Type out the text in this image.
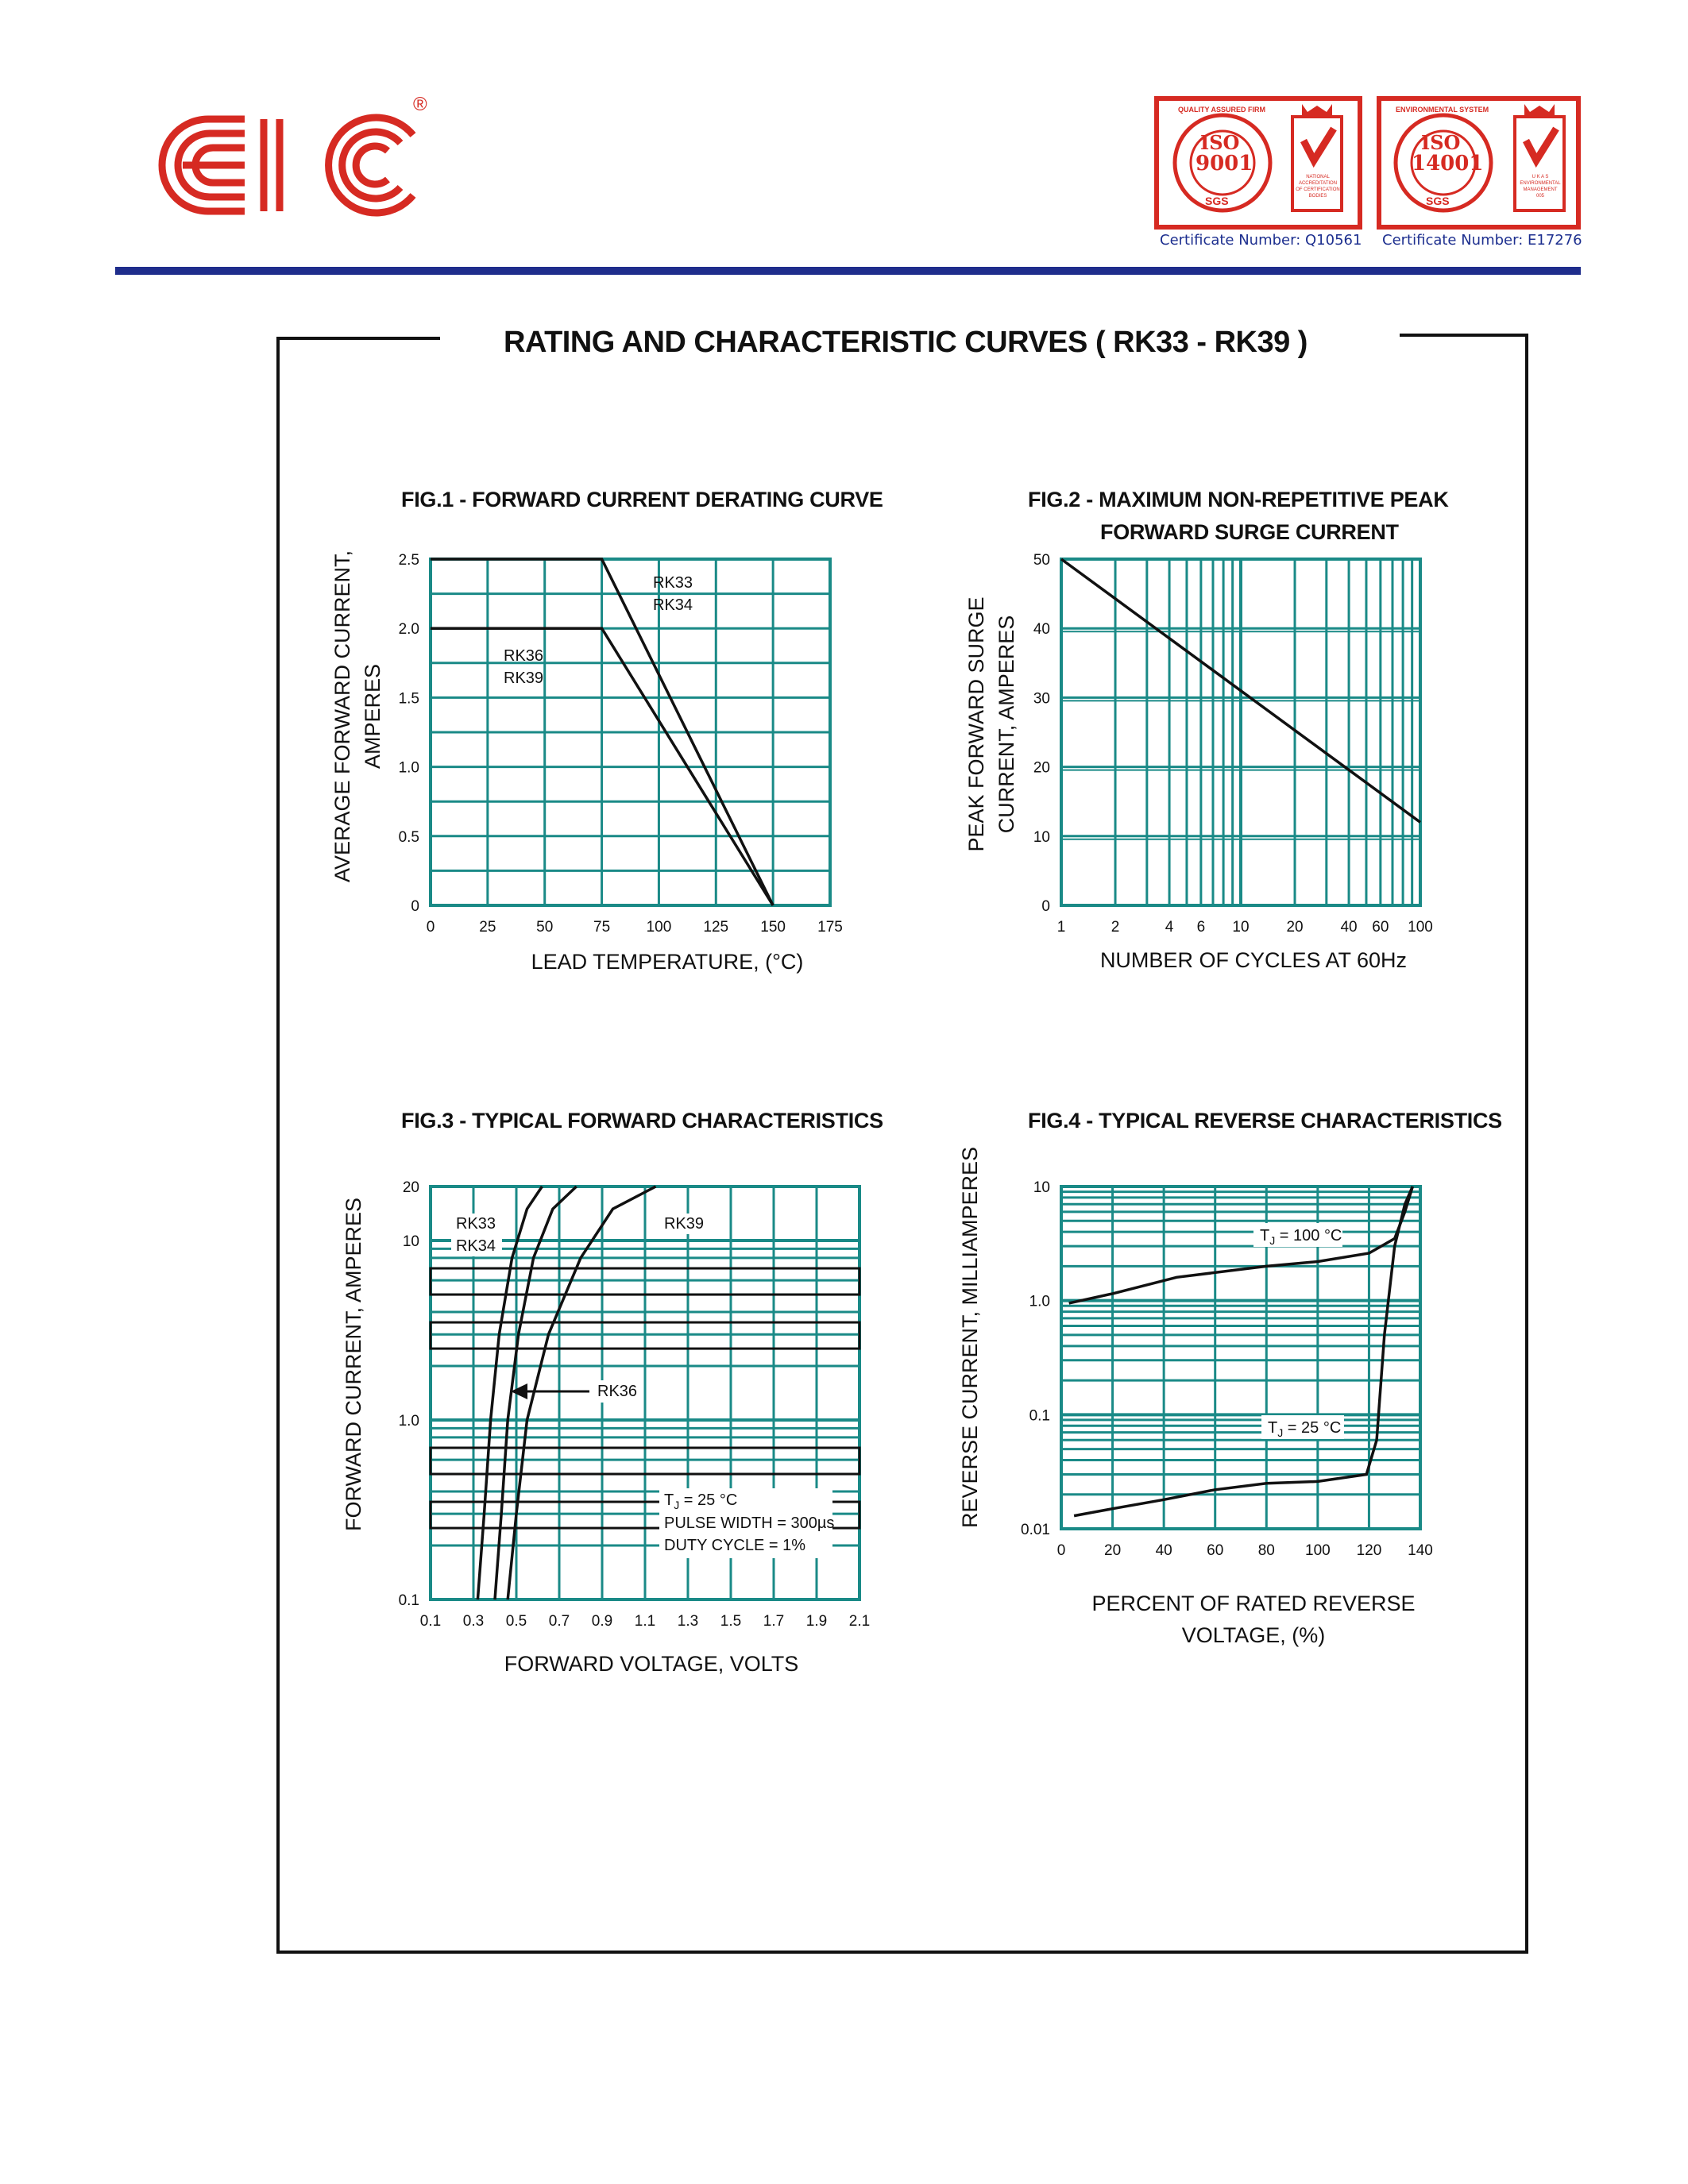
®
ISO
9001
SGS
QUALITY ASSURED FIRM
NATIONAL
ACCREDITATION
OF CERTIFICATION
BODIES
Certificate Number: Q10561
ISO
14001
SGS
ENVIRONMENTAL SYSTEM
U K A S
ENVIRONMENTAL
MANAGEMENT
005
Certificate Number: E17276
RATING AND CHARACTERISTIC CURVES ( RK33 - RK39 )
FIG.1 - FORWARD CURRENT DERATING CURVE	FIG.2 - MAXIMUM NON-REPETITIVE PEAK
FORWARD SURGE CURRENT
FIG.3 - TYPICAL FORWARD CHARACTERISTICS	FIG.4 - TYPICAL REVERSE CHARACTERISTICS
0	25	50	75 100 125 150 175
0
0.5
1.0
1.5
2.0
2.5
RK33
RK34
RK36
RK39
LEAD TEMPERATURE, (°C)
AVERAGE FORWARD CURRENT, AMPERES
1	2	4 6 10 20 40 60 100
0
10
20
30
40
50
NUMBER OF CYCLES AT 60Hz
PEAK FORWARD SURGE CURRENT, AMPERES
0.1 0.3 0.5 0.7 0.9 1.1 1.3 1.5 1.7 1.9 2.1
0.1
1.0
10
20
RK33
RK34
RK39
RK36
$T_J = 25$ °C
PULSE WIDTH = 300µs
DUTY CYCLE = 1%
FORWARD VOLTAGE, VOLTS
FORWARD CURRENT, AMPERES
0	20 40 60 80 100 120 140
0.01
0.1
1.0
10
$T_J = 100$ °C
$T_J = 25$ °C
PERCENT OF RATED REVERSE
VOLTAGE, (%)
REVERSE CURRENT, MILLIAMPERES
